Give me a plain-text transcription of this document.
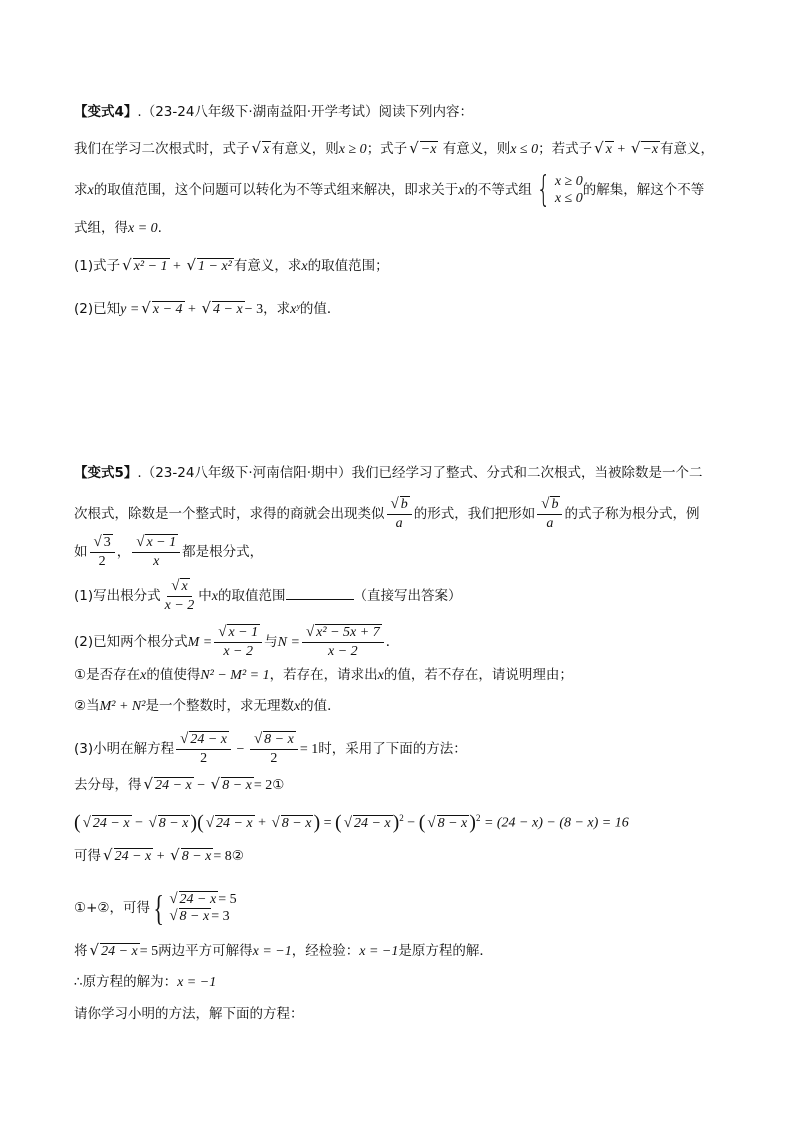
【变式4】.（23-24八年级下·湖南益阳·开学考试）阅读下列内容：
我们在学习二次根式时，式子 √ x 有意义，则x ≥ 0；式子 √ −x 有意义，则x ≤ 0；若式子 √ x + √ −x 有意义，
求x的取值范围，这个问题可以转化为不等式组来解决，即求关于x的不等式组 { x ≥ 0
x ≤ 0
的解集，解这个不等
式组，得x = 0.
(1)式子 √ x² − 1 + √ 1 − x² 有意义，求x的取值范围；
(2)已知y = √ x − 4 + √ 4 − x − 3，求xʸ的值．
【变式5】.（23-24八年级下·河南信阳·期中）我们已经学习了整式、分式和二次根式，当被除数是一个二
次根式，除数是一个整式时，求得的商就会出现类似 $\frac{√ b}{a}$ 的形式，我们把形如 $\frac{√ b}{a}$ 的式子称为根分式，例
如 $\frac{√ 3}{2}$ ， $\frac{√ x - 1}{x}$ 都是根分式，
(1)写出根分式 $\frac{√ x}{x - 2}$ 中x的取值范围	（直接写出答案）
(2)已知两个根分式$M = \frac{√ x - 1}{x - 2}$ 与$N = \frac{\text{√ x² − 5x + 7}}{x - 2}$ ．
①是否存在x的值使得N² − M² = 1，若存在，请求出x的值，若不存在，请说明理由；
②当M² + N²是一个整数时，求无理数x的值．
(3)小明在解方程 $\frac{√ 24 - x}{2} - \frac{√ 8 - x}{2} = 1$时，采用了下面的方法：
去分母，得 √ 24 − x − √ 8 − x = 2①
( √ 24 − x − √ 8 − x )( √ 24 − x + √ 8 − x ) = ( √ 24 − x )$^2$ − ( √ 8 − x )$^2$ = (24 − x) − (8 − x) = 16
可得 √ 24 − x + √ 8 − x = 8②
①+②，可得 { √ 24 − x = 5
√ 8 − x = 3
将 √ 24 − x = 5两边平方可解得x = −1，经检验：x = −1是原方程的解．
∴原方程的解为：x = −1
请你学习小明的方法，解下面的方程：
